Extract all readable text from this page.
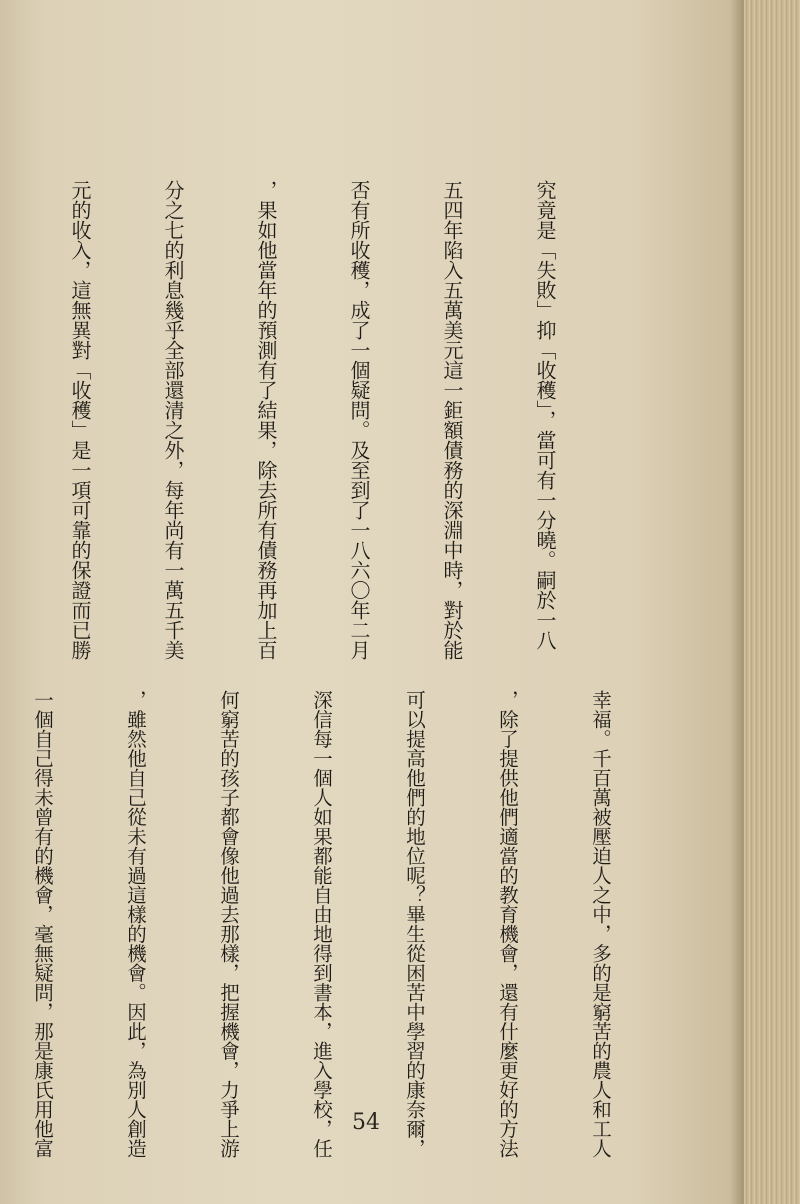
究竟是「失敗」抑「收穫」，當可有一分曉。嗣於一八

五四年陷入五萬美元這一鉅額債務的深淵中時，對於能

否有所收穫，成了一個疑問。及至到了一八六〇年二月

，果如他當年的預測有了結果，除去所有債務再加上百

分之七的利息幾乎全部還清之外，每年尚有一萬五千美

元的收入，這無異對「收穫」是一項可靠的保證而已勝

幸福。千百萬被壓迫人之中，多的是窮苦的農人和工人

，除了提供他們適當的教育機會，還有什麼更好的方法

可以提高他們的地位呢？畢生從困苦中學習的康奈爾，

深信每一個人如果都能自由地得到書本，進入學校，任

何窮苦的孩子都會像他過去那樣，把握機會，力爭上游

，雖然他自己從未有過這樣的機會。因此，為別人創造

一個自己得未曾有的機會，毫無疑問，那是康氏用他富

	54
